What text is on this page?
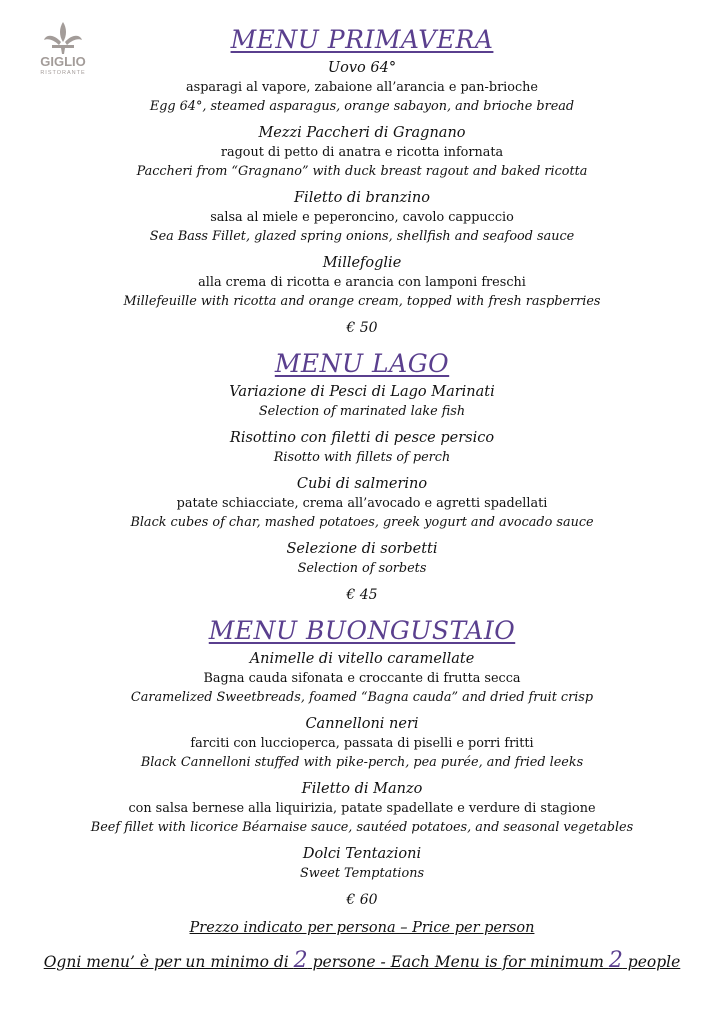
GIGLIO
RISTORANTE
MENU PRIMAVERA
Uovo 64°
asparagi al vapore, zabaione all’arancia e pan-brioche
Egg 64°, steamed asparagus, orange sabayon, and brioche bread
Mezzi Paccheri di Gragnano
ragout di petto di anatra e ricotta infornata
Paccheri from “Gragnano” with duck breast ragout and baked ricotta
Filetto di branzino
salsa al miele e peperoncino, cavolo cappuccio
Sea Bass Fillet, glazed spring onions, shellfish and seafood sauce
Millefoglie
alla crema di ricotta e arancia con lamponi freschi
Millefeuille with ricotta and orange cream, topped with fresh raspberries
€ 50
MENU LAGO
Variazione di Pesci di Lago Marinati
Selection of marinated lake fish
Risottino con filetti di pesce persico
Risotto with fillets of perch
Cubi di salmerino
patate schiacciate, crema all’avocado e agretti spadellati
Black cubes of char, mashed potatoes, greek yogurt and avocado sauce
Selezione di sorbetti
Selection of sorbets
€ 45
MENU BUONGUSTAIO
Animelle di vitello caramellate
Bagna cauda sifonata e croccante di frutta secca
Caramelized Sweetbreads, foamed “Bagna cauda” and dried fruit crisp
Cannelloni neri
farciti con luccioperca, passata di piselli e porri fritti
Black Cannelloni stuffed with pike-perch, pea purée, and fried leeks
Filetto di Manzo
con salsa bernese alla liquirizia, patate spadellate e verdure di stagione
Beef fillet with licorice Béarnaise sauce, sautéed potatoes, and seasonal vegetables
Dolci Tentazioni
Sweet Temptations
€ 60
Prezzo indicato per persona – Price per person
Ogni menu’ è per un minimo di 2 persone - Each Menu is for minimum 2 people
